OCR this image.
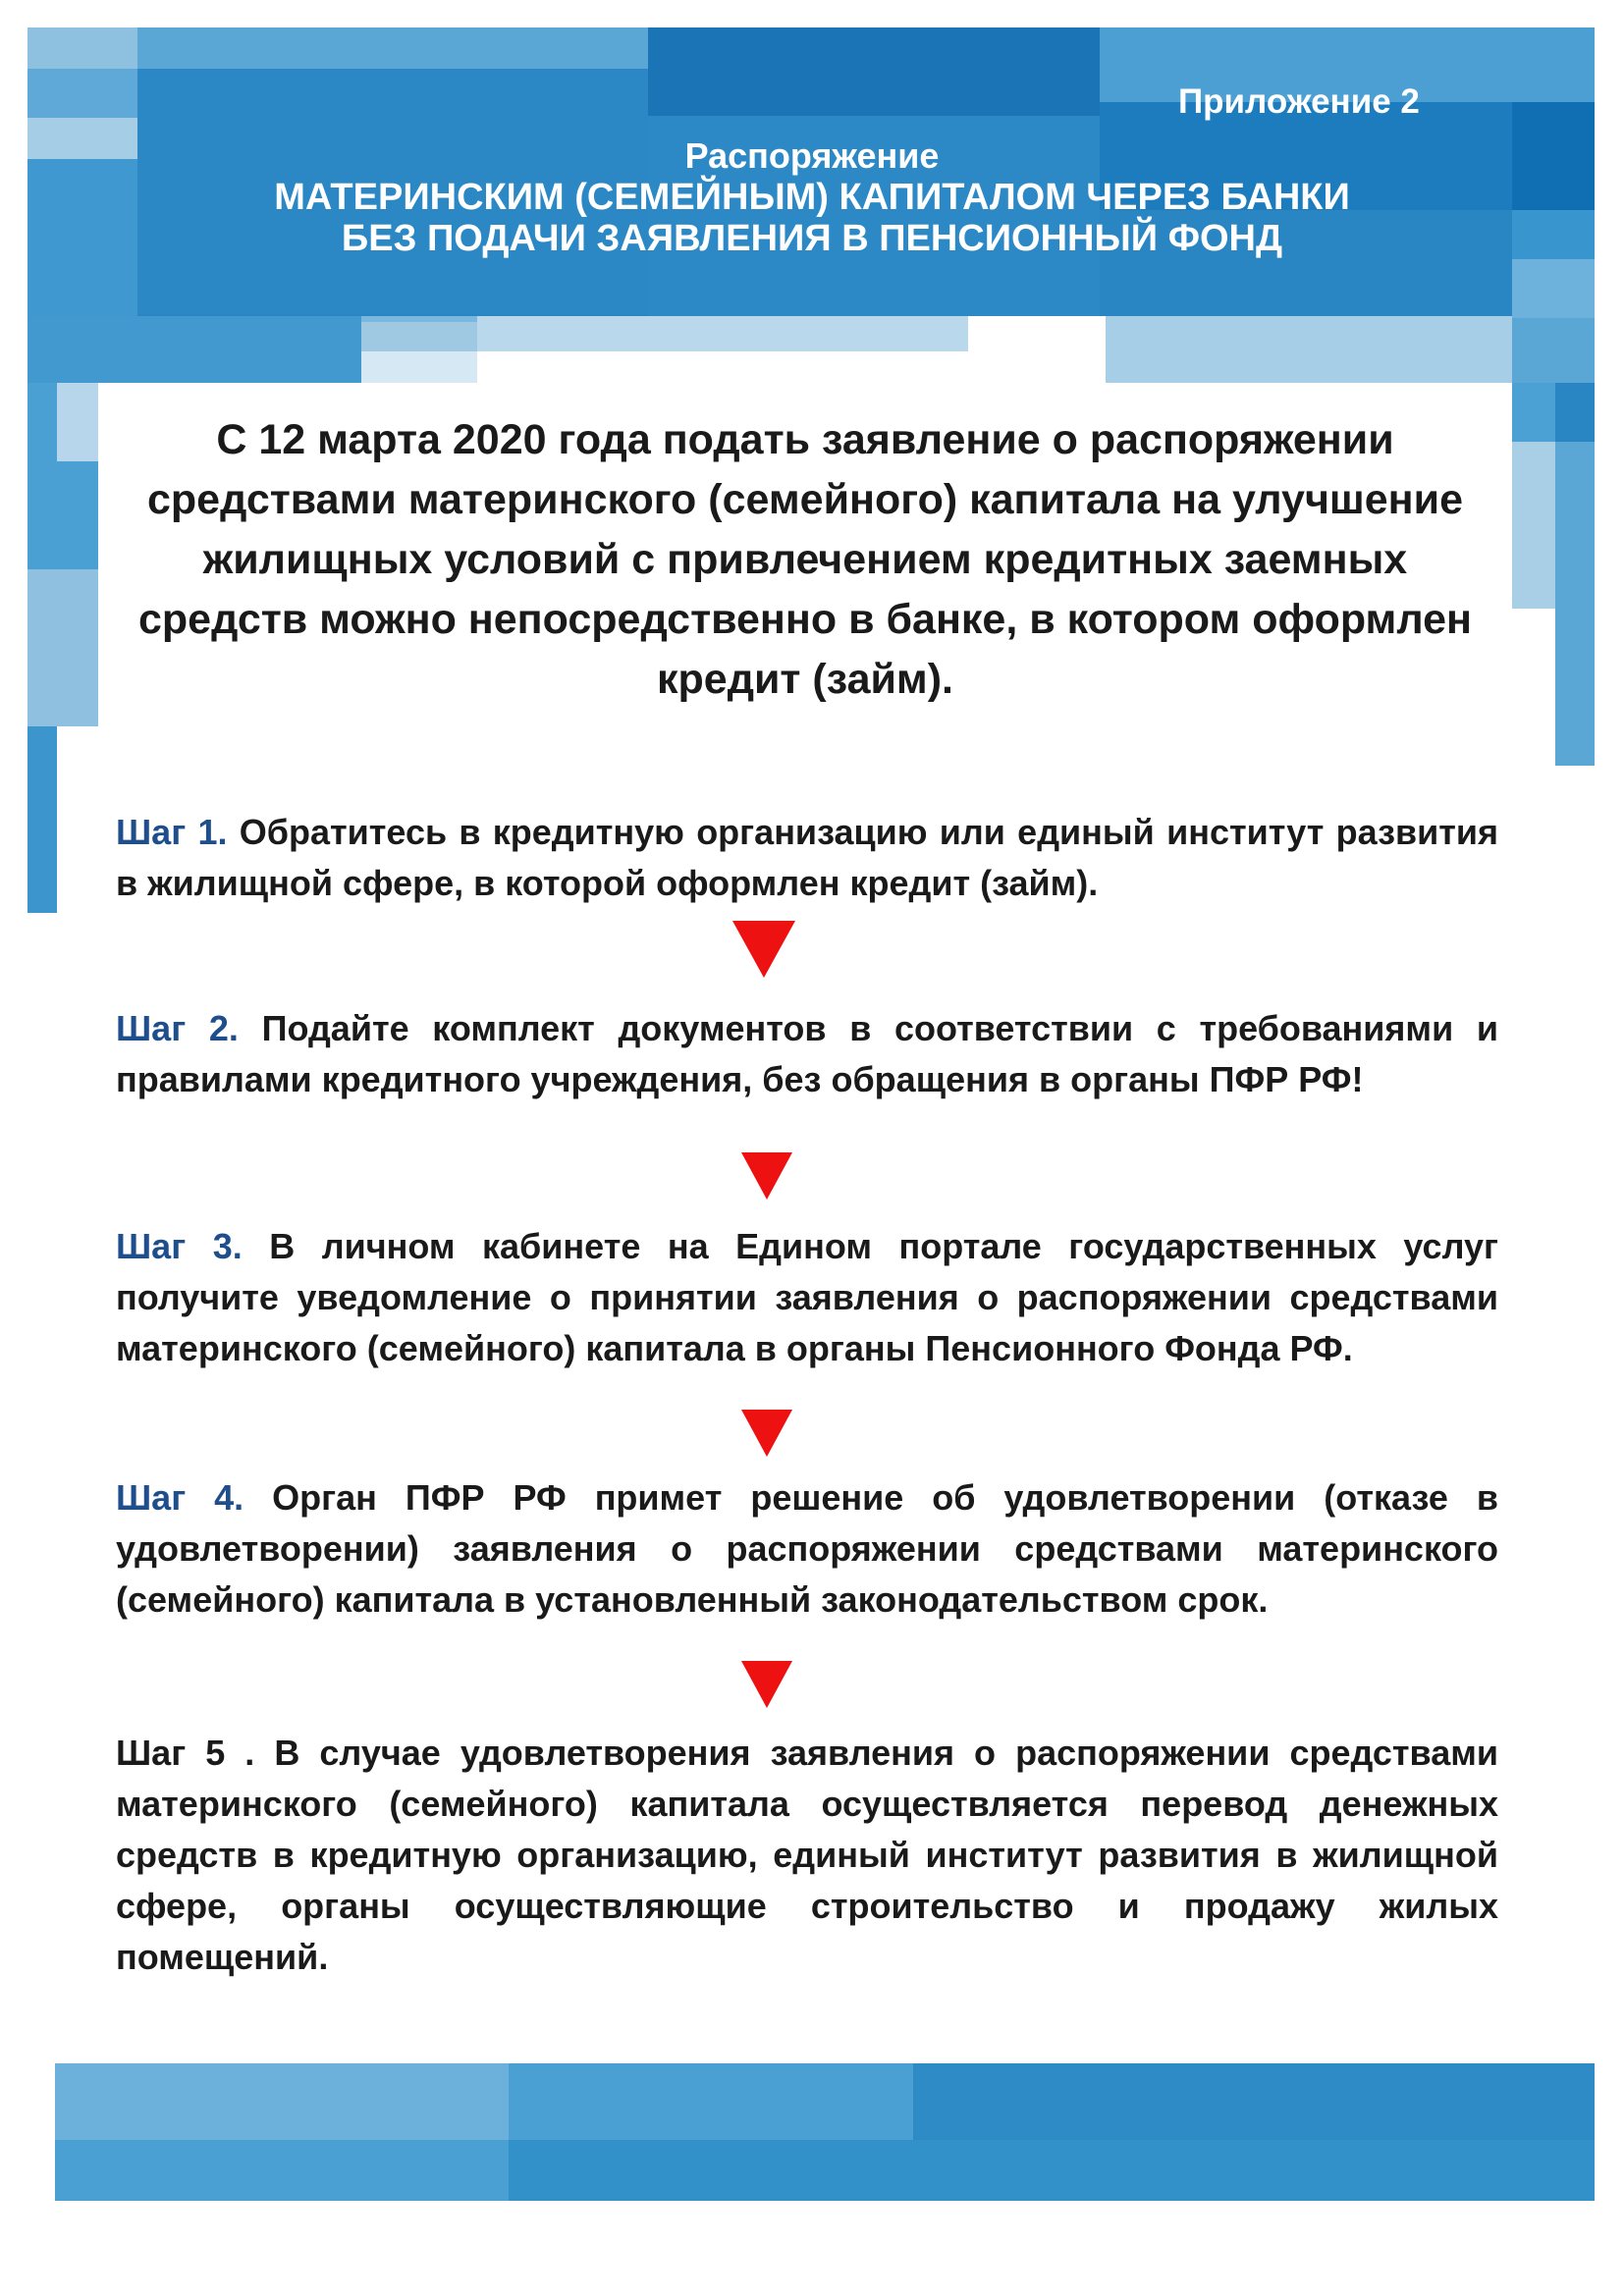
Приложение 2
Распоряжение
МАТЕРИНСКИМ (СЕМЕЙНЫМ) КАПИТАЛОМ ЧЕРЕЗ БАНКИ
БЕЗ ПОДАЧИ ЗАЯВЛЕНИЯ В ПЕНСИОННЫЙ ФОНД
С 12 марта 2020 года подать заявление о распоряжении средствами материнского (семейного) капитала на улучшение жилищных условий с привлечением кредитных заемных средств можно непосредственно в банке, в котором оформлен кредит (займ).
Шаг 1. Обратитесь в кредитную организацию или единый институт развития в жилищной сфере, в которой оформлен кредит (займ).
Шаг 2. Подайте комплект документов в соответствии с требованиями и правилами кредитного учреждения, без обращения в органы ПФР РФ!
Шаг 3. В личном кабинете на Едином портале государственных услуг получите уведомление о принятии заявления о распоряжении средствами материнского (семейного) капитала в органы Пенсионного Фонда РФ.
Шаг 4. Орган ПФР РФ примет решение об удовлетворении (отказе в удовлетворении) заявления о распоряжении средствами материнского (семейного) капитала в установленный законодательством срок.
Шаг 5 . В случае удовлетворения заявления о распоряжении средствами материнского (семейного) капитала осуществляется перевод денежных средств в кредитную организацию, единый институт развития в жилищной сфере, органы осуществляющие строительство и продажу жилых помещений.
